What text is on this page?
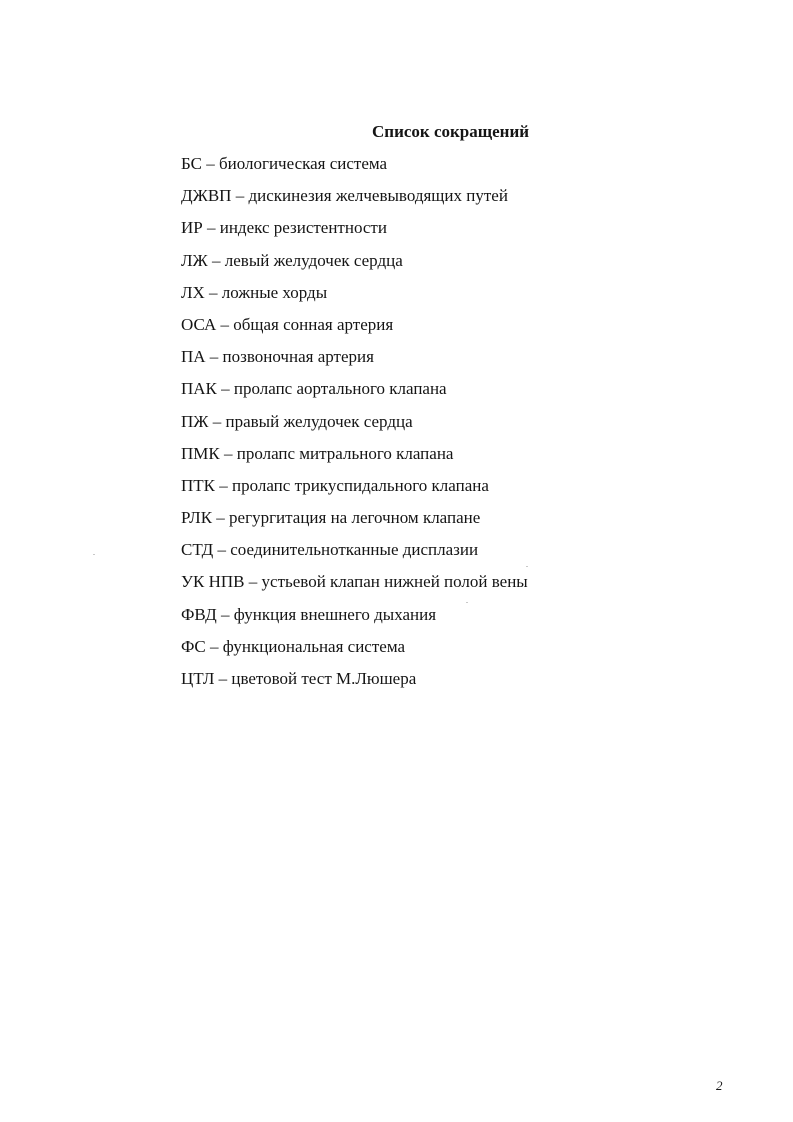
Список сокращений
БС – биологическая система
ДЖВП – дискинезия желчевыводящих путей
ИР – индекс резистентности
ЛЖ – левый желудочек сердца
ЛХ – ложные хорды
ОСА – общая сонная артерия
ПА – позвоночная артерия
ПАК – пролапс аортального клапана
ПЖ – правый желудочек сердца
ПМК – пролапс митрального клапана
ПТК – пролапс трикуспидального клапана
РЛК – регургитация на легочном клапане
СТД – соединительнотканные дисплазии
УК НПВ – устьевой клапан нижней полой вены
ФВД – функция внешнего дыхания
ФС – функциональная система
ЦТЛ – цветовой тест М.Люшера
2
